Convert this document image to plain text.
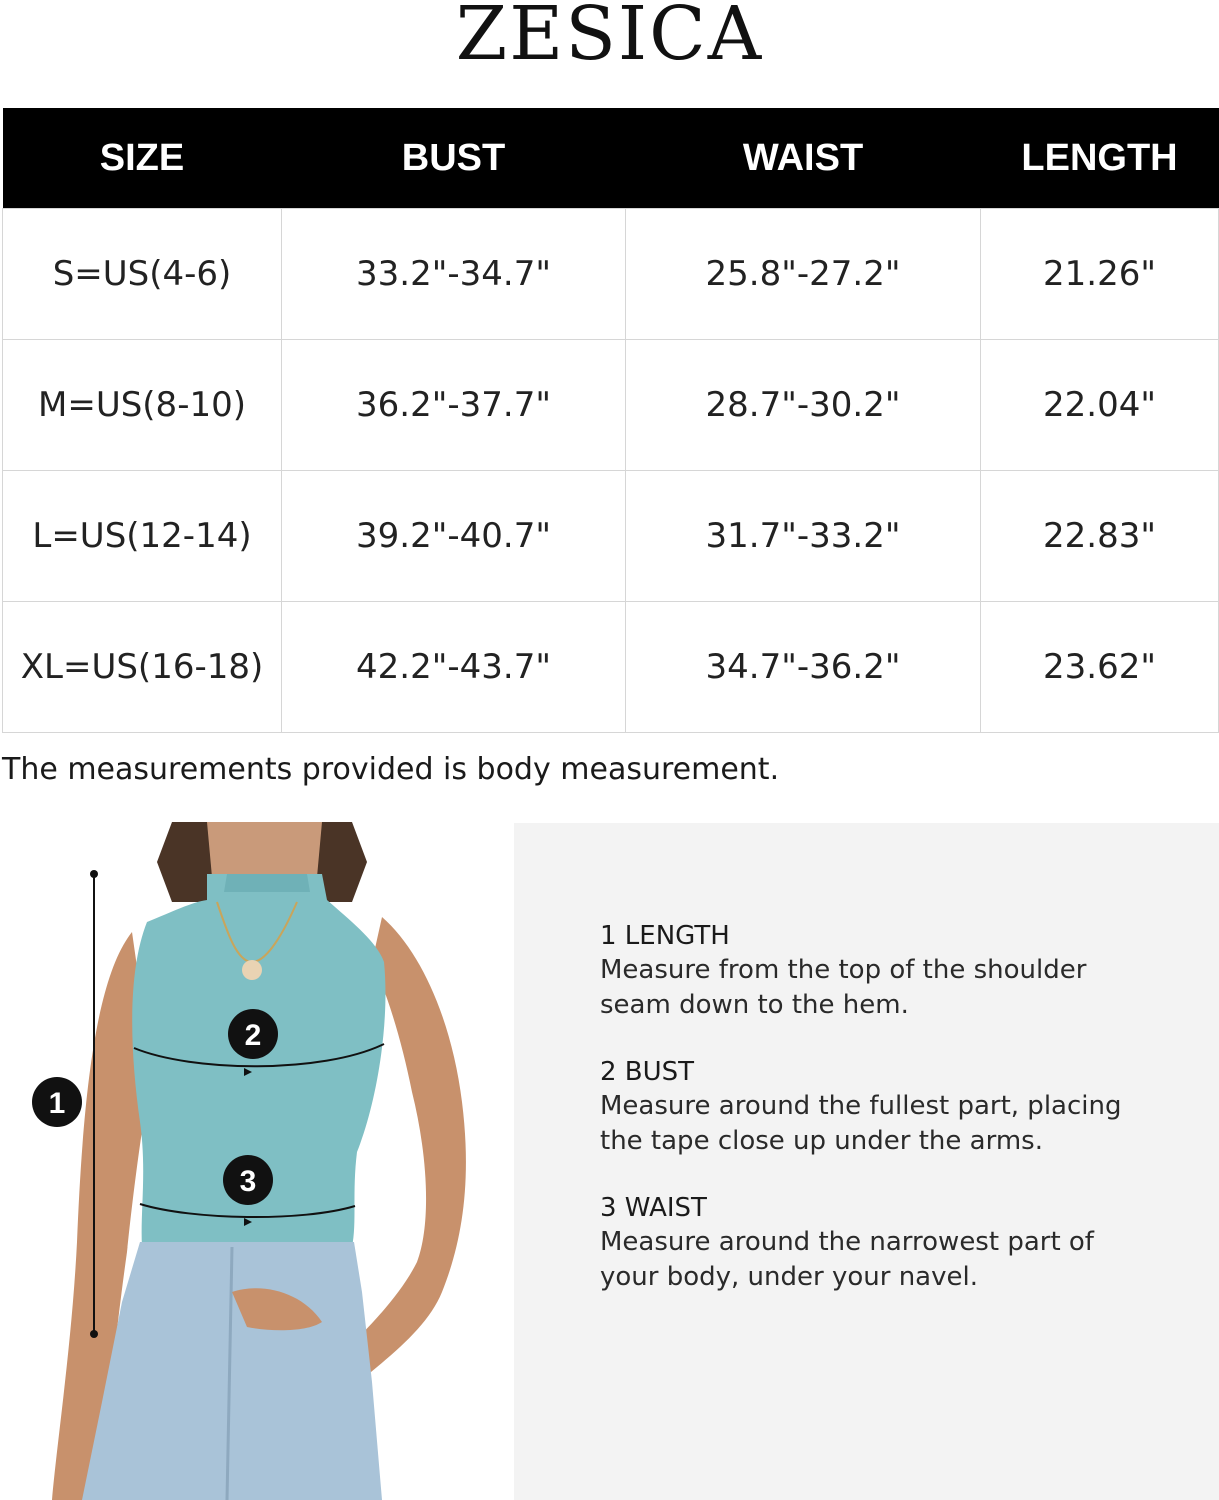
ZESICA
SIZE	BUST	WAIST	LENGTH
S=US(4-6)	33.2"-34.7"	25.8"-27.2"	21.26"
M=US(8-10)	36.2"-37.7"	28.7"-30.2"	22.04"
L=US(12-14)	39.2"-40.7"	31.7"-33.2"	22.83"
XL=US(16-18)	42.2"-43.7"	34.7"-36.2"	23.62"
The measurements provided is body measurement.
1
2
3
1 LENGTH
Measure from the top of the shoulder
seam down to the hem.
2 BUST
Measure around the fullest part, placing
the tape close up under the arms.
3 WAIST
Measure around the narrowest part of
your body, under your navel.
